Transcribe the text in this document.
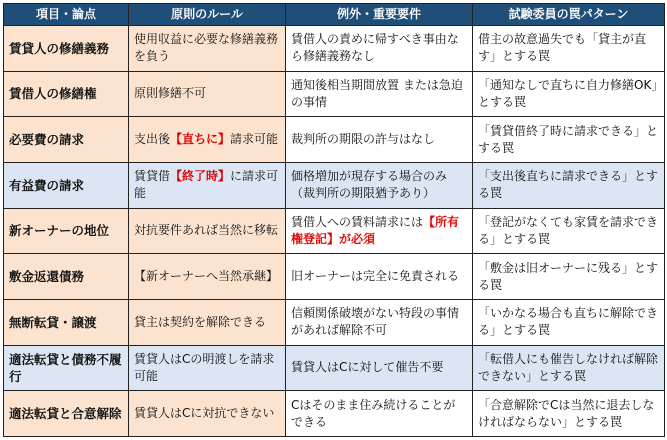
項目・論点	原則のルール	例外・重要要件	試験委員の罠パターン
賃貸人の修繕義務	使用収益に必要な修繕義務を負う	賃借人の責めに帰すべき事由なら修繕義務なし	借主の故意過失でも「貸主が直す」とする罠
賃借人の修繕権	原則修繕不可	通知後相当期間放置 または急迫の事情	「通知なしで直ちに自力修繕OK」とする罠
必要費の請求	支出後【直ちに】請求可能	裁判所の期限の許与はなし	「賃貸借終了時に請求できる」とする罠
有益費の請求	賃貸借【終了時】に請求可能	価格増加が現存する場合のみ（裁判所の期限猶予あり）	「支出後直ちに請求できる」とする罠
新オーナーの地位	対抗要件あれば当然に移転	賃借人への賃料請求には【所有権登記】が必須	「登記がなくても家賃を請求できる」とする罠
敷金返還債務	【新オーナーへ当然承継】	旧オーナーは完全に免責される	「敷金は旧オーナーに残る」とする罠
無断転貸・譲渡	貸主は契約を解除できる	信頼関係破壊がない特段の事情があれば解除不可	「いかなる場合も直ちに解除できる」とする罠
適法転貸と債務不履行	賃貸人はCの明渡しを請求可能	賃貸人はCに対して催告不要	「転借人にも催告しなければ解除できない」とする罠
適法転貸と合意解除	賃貸人はCに対抗できない	Cはそのまま住み続けることができる	「合意解除でCは当然に退去しなければならない」とする罠
